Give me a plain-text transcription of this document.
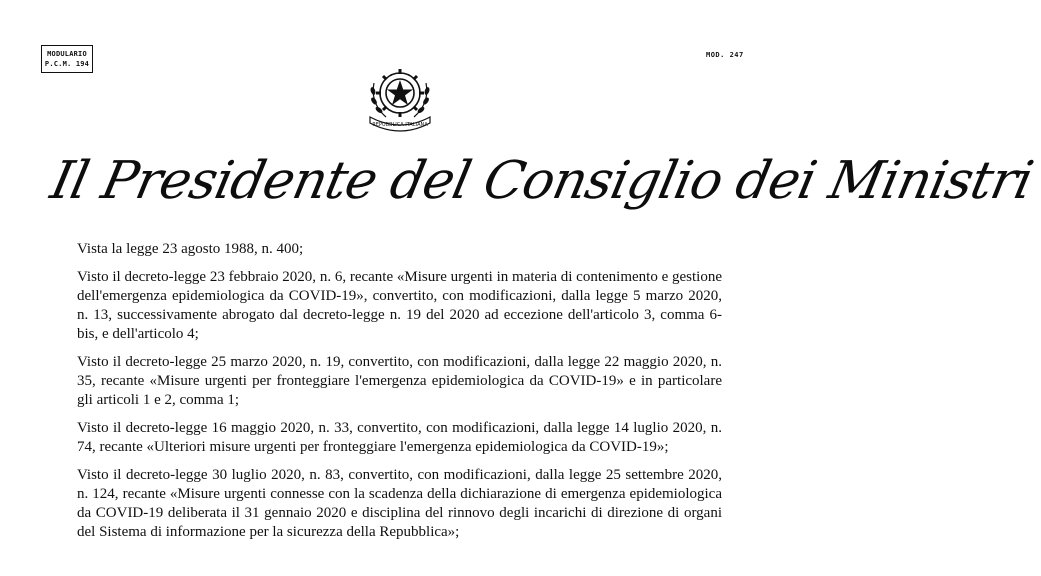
MODULARIO
P.C.M. 194
MOD. 247
REPUBBLICA ITALIANA
Il Presidente del Consiglio dei Ministri

Vista la legge 23 agosto 1988, n. 400;

Visto il decreto-legge 23 febbraio 2020, n. 6, recante «Misure urgenti in materia di contenimento e gestione dell'emergenza epidemiologica da COVID-19», convertito, con modificazioni, dalla legge 5 marzo 2020, n. 13, successivamente abrogato dal decreto-legge n. 19 del 2020 ad eccezione dell'articolo 3, comma 6-bis, e dell'articolo 4;

Visto il decreto-legge 25 marzo 2020, n. 19, convertito, con modificazioni, dalla legge 22 maggio 2020, n. 35, recante «Misure urgenti per fronteggiare l'emergenza epidemiologica da COVID-19» e in particolare gli articoli 1 e 2, comma 1;

Visto il decreto-legge 16 maggio 2020, n. 33, convertito, con modificazioni, dalla legge 14 luglio 2020, n. 74, recante «Ulteriori misure urgenti per fronteggiare l'emergenza epidemiologica da COVID-19»;

Visto il decreto-legge 30 luglio 2020, n. 83, convertito, con modificazioni, dalla legge 25 settembre 2020, n. 124, recante «Misure urgenti connesse con la scadenza della dichiarazione di emergenza epidemiologica da COVID-19 deliberata il 31 gennaio 2020 e disciplina del rinnovo degli incarichi di direzione di organi del Sistema di informazione per la sicurezza della Repubblica»;
